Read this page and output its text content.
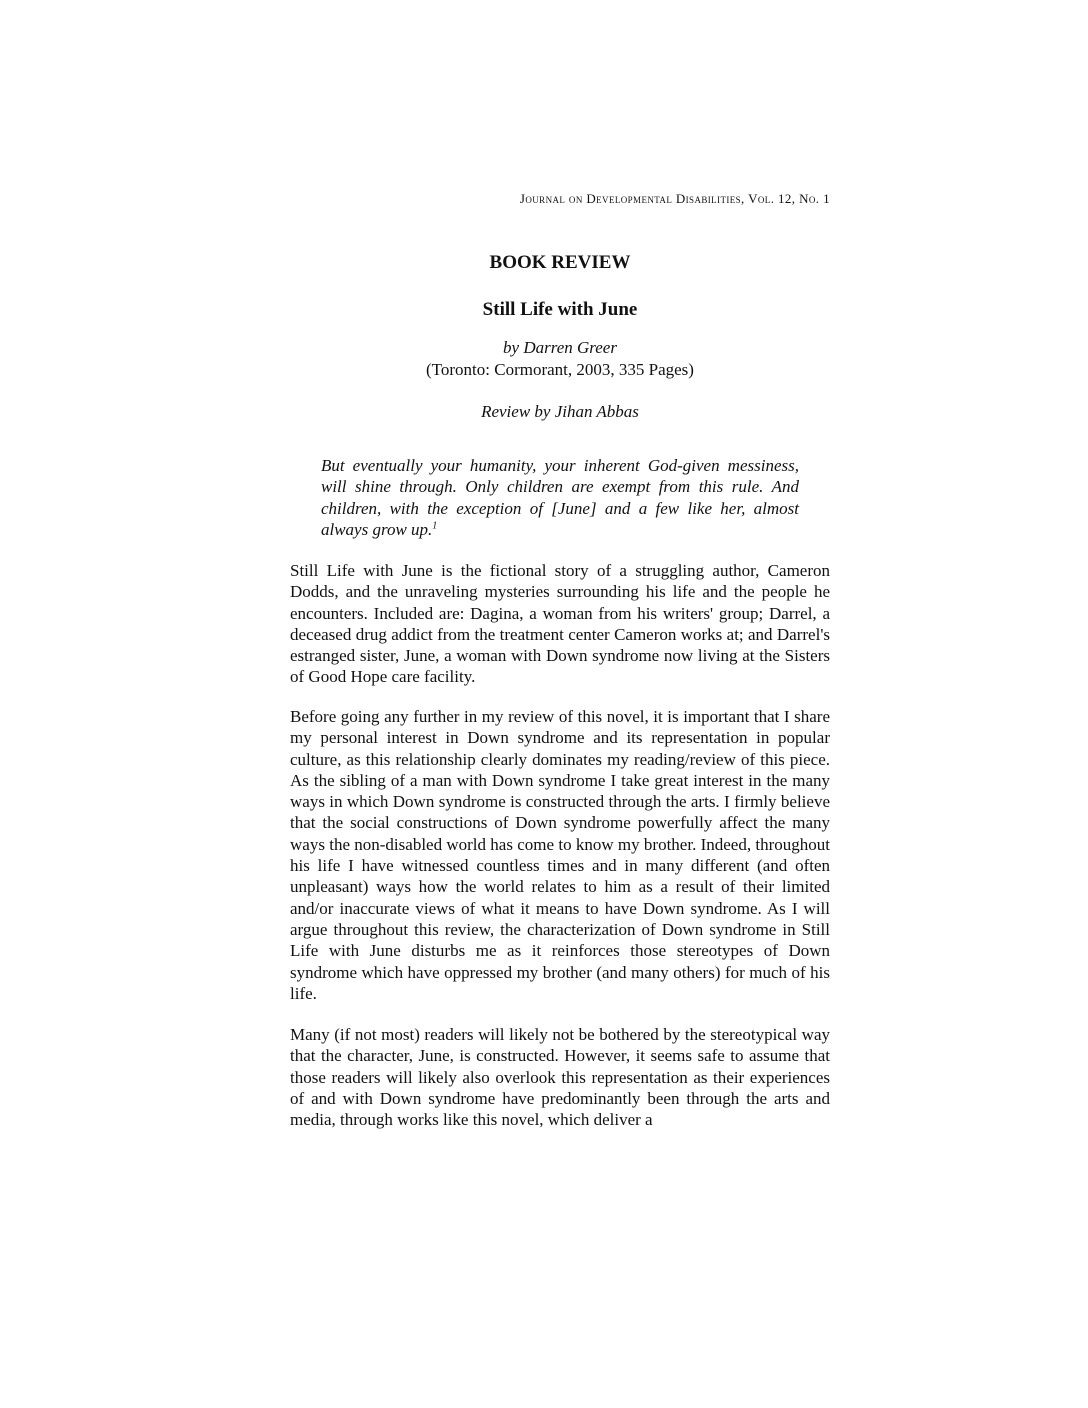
Journal on Developmental Disabilities, Vol. 12, No. 1
BOOK REVIEW
Still Life with June
by Darren Greer
(Toronto: Cormorant, 2003, 335 Pages)
Review by Jihan Abbas

But eventually your humanity, your inherent God-given messiness, will shine through. Only children are exempt from this rule. And children, with the exception of [June] and a few like her, almost always grow up.$^1$

Still Life with June is the fictional story of a struggling author, Cameron Dodds, and the unraveling mysteries surrounding his life and the people he encounters. Included are: Dagina, a woman from his writers' group; Darrel, a deceased drug addict from the treatment center Cameron works at; and Darrel's estranged sister, June, a woman with Down syndrome now living at the Sisters of Good Hope care facility.

Before going any further in my review of this novel, it is important that I share my personal interest in Down syndrome and its representation in popular culture, as this relationship clearly dominates my reading/review of this piece. As the sibling of a man with Down syndrome I take great interest in the many ways in which Down syndrome is constructed through the arts. I firmly believe that the social constructions of Down syndrome powerfully affect the many ways the non-disabled world has come to know my brother. Indeed, throughout his life I have witnessed countless times and in many different (and often unpleasant) ways how the world relates to him as a result of their limited and/or inaccurate views of what it means to have Down syndrome. As I will argue throughout this review, the characterization of Down syndrome in Still Life with June disturbs me as it reinforces those stereotypes of Down syndrome which have oppressed my brother (and many others) for much of his life.

Many (if not most) readers will likely not be bothered by the stereotypical way that the character, June, is constructed. However, it seems safe to assume that those readers will likely also overlook this representation as their experiences of and with Down syndrome have predominantly been through the arts and media, through works like this novel, which deliver a
